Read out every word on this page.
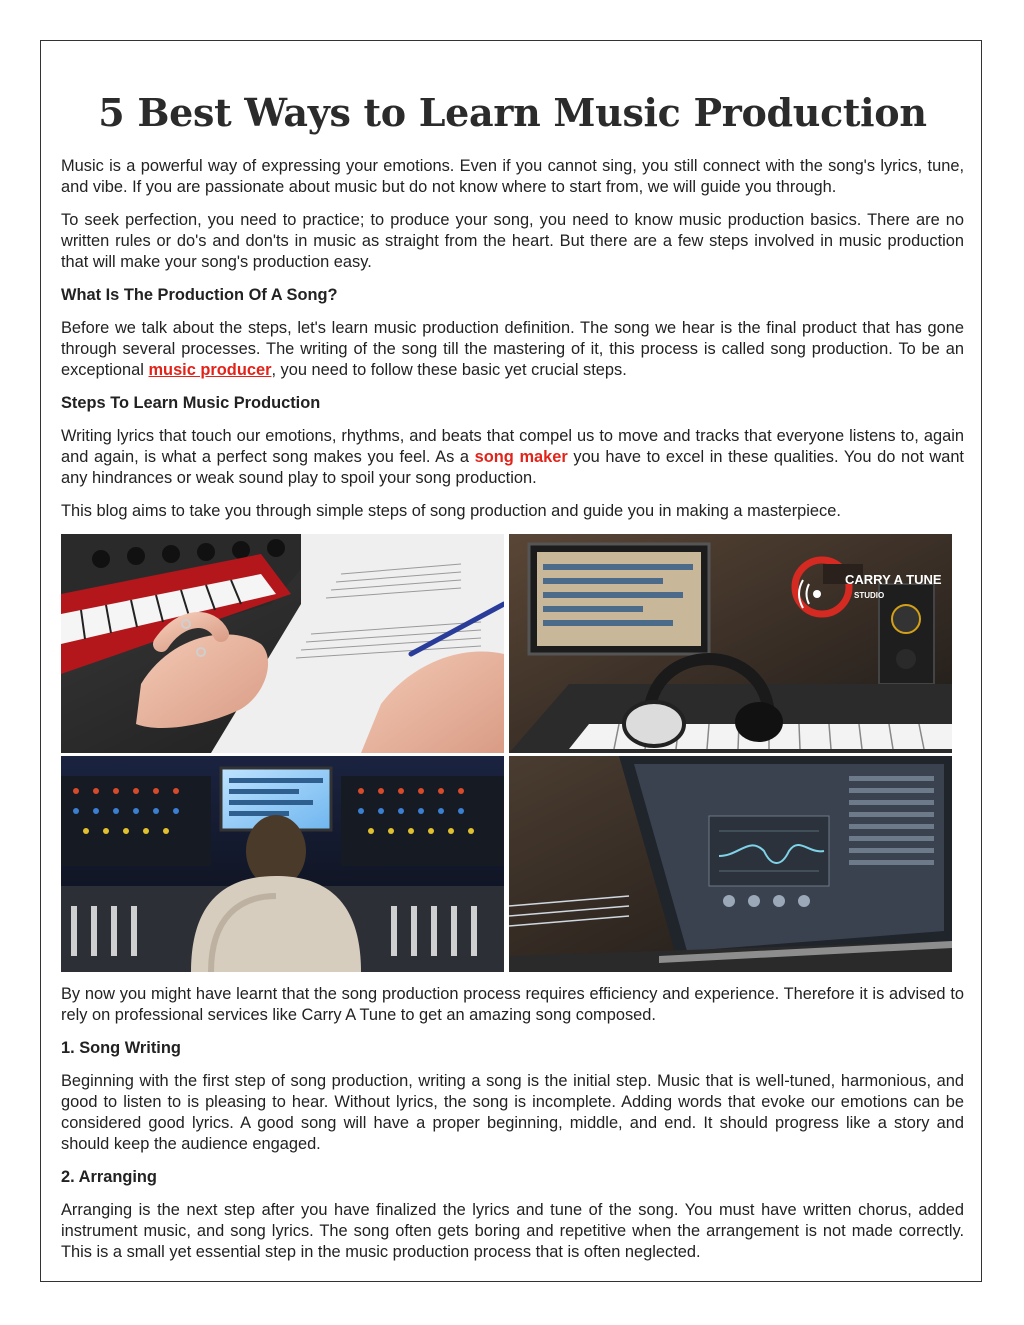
5 Best Ways to Learn Music Production

Music is a powerful way of expressing your emotions. Even if you cannot sing, you still connect with the song's lyrics, tune, and vibe. If you are passionate about music but do not know where to start from, we will guide you through.

To seek perfection, you need to practice; to produce your song, you need to know music production basics. There are no written rules or do's and don'ts in music as straight from the heart. But there are a few steps involved in music production that will make your song's production easy.

What Is The Production Of A Song?

Before we talk about the steps, let's learn music production definition. The song we hear is the final product that has gone through several processes. The writing of the song till the mastering of it, this process is called song production. To be an exceptional music producer, you need to follow these basic yet crucial steps.

Steps To Learn Music Production

Writing lyrics that touch our emotions, rhythms, and beats that compel us to move and tracks that everyone listens to, again and again, is what a perfect song makes you feel. As a song maker you have to excel in these qualities. You do not want any hindrances or weak sound play to spoil your song production.

This blog aims to take you through simple steps of song production and guide you in making a masterpiece.

CARRY A TUNE
STUDIO

By now you might have learnt that the song production process requires efficiency and experience. Therefore it is advised to rely on professional services like Carry A Tune to get an amazing song composed.

1. Song Writing

Beginning with the first step of song production, writing a song is the initial step. Music that is well-tuned, harmonious, and good to listen to is pleasing to hear. Without lyrics, the song is incomplete. Adding words that evoke our emotions can be considered good lyrics. A good song will have a proper beginning, middle, and end. It should progress like a story and should keep the audience engaged.

2. Arranging

Arranging is the next step after you have finalized the lyrics and tune of the song. You must have written chorus, added instrument music, and song lyrics. The song often gets boring and repetitive when the arrangement is not made correctly. This is a small yet essential step in the music production process that is often neglected.
